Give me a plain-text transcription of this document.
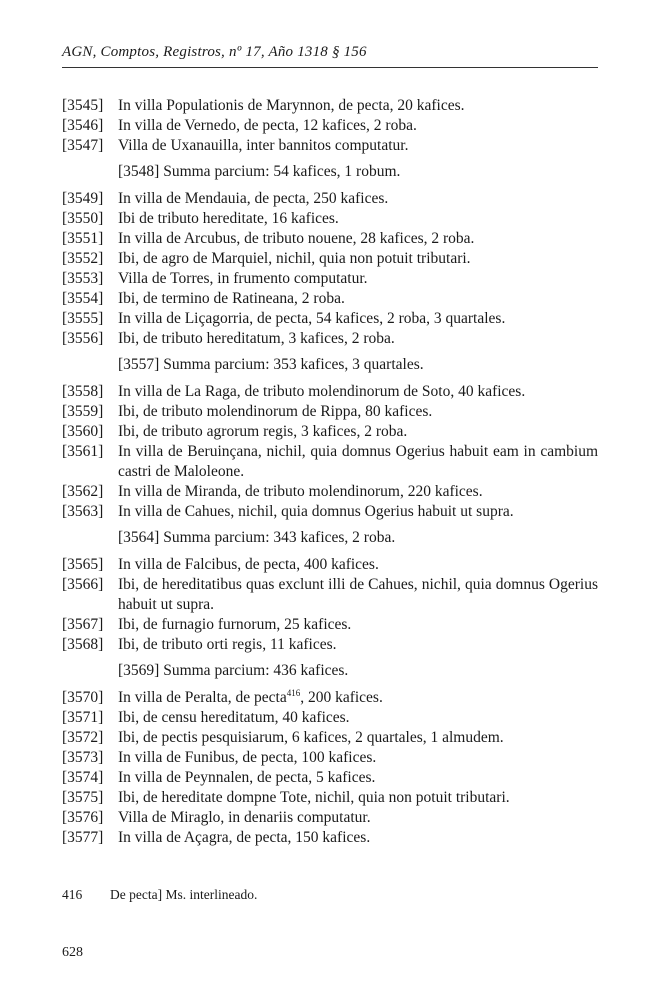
AGN, Comptos, Registros, nº 17, Año 1318 § 156
[3545] In villa Populationis de Marynnon, de pecta, 20 kafices.
[3546] In villa de Vernedo, de pecta, 12 kafices, 2 roba.
[3547] Villa de Uxanauilla, inter bannitos computatur.
[3548] Summa parcium: 54 kafices, 1 robum.
[3549] In villa de Mendauia, de pecta, 250 kafices.
[3550] Ibi de tributo hereditate, 16 kafices.
[3551] In villa de Arcubus, de tributo nouene, 28 kafices, 2 roba.
[3552] Ibi, de agro de Marquiel, nichil, quia non potuit tributari.
[3553] Villa de Torres, in frumento computatur.
[3554] Ibi, de termino de Ratineana, 2 roba.
[3555] In villa de Liçagorria, de pecta, 54 kafices, 2 roba, 3 quartales.
[3556] Ibi, de tributo hereditatum, 3 kafices, 2 roba.
[3557] Summa parcium: 353 kafices, 3 quartales.
[3558] In villa de La Raga, de tributo molendinorum de Soto, 40 kafices.
[3559] Ibi, de tributo molendinorum de Rippa, 80 kafices.
[3560] Ibi, de tributo agrorum regis, 3 kafices, 2 roba.
[3561] In villa de Beruinçana, nichil, quia domnus Ogerius habuit eam in cambium castri de Maloleone.
[3562] In villa de Miranda, de tributo molendinorum, 220 kafices.
[3563] In villa de Cahues, nichil, quia domnus Ogerius habuit ut supra.
[3564] Summa parcium: 343 kafices, 2 roba.
[3565] In villa de Falcibus, de pecta, 400 kafices.
[3566] Ibi, de hereditatibus quas exclunt illi de Cahues, nichil, quia domnus Ogerius habuit ut supra.
[3567] Ibi, de furnagio furnorum, 25 kafices.
[3568] Ibi, de tributo orti regis, 11 kafices.
[3569] Summa parcium: 436 kafices.
[3570] In villa de Peralta, de pecta$^{416}$, 200 kafices.
[3571] Ibi, de censu hereditatum, 40 kafices.
[3572] Ibi, de pectis pesquisiarum, 6 kafices, 2 quartales, 1 almudem.
[3573] In villa de Funibus, de pecta, 100 kafices.
[3574] In villa de Peynnalen, de pecta, 5 kafices.
[3575] Ibi, de hereditate dompne Tote, nichil, quia non potuit tributari.
[3576] Villa de Miraglo, in denariis computatur.
[3577] In villa de Açagra, de pecta, 150 kafices.
416	De pecta] Ms. interlineado.
628
